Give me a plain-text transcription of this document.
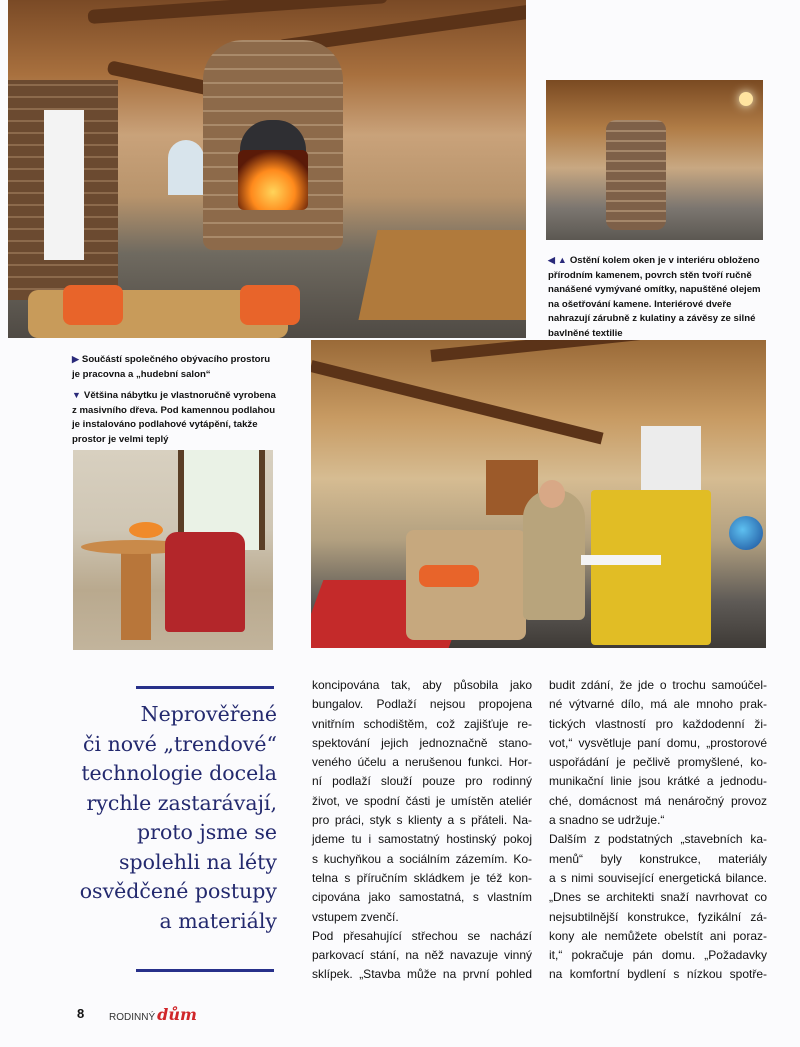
◀ ▲ Ostění kolem oken je v interiéru obloženo
přírodním kamenem, povrch stěn tvoří ručně
nanášené vymývané omítky, napuštěné olejem
na ošetřování kamene. Interiérové dveře
nahrazují zárubně z kulatiny a závěsy ze silné
bavlněné textilie
▶ Součástí společného obývacího prostoru
je pracovna a „hudební salon“
▼ Většina nábytku je vlastnoručně vyrobena
z masivního dřeva. Pod kamennou podlahou
je instalováno podlahové vytápění, takže
prostor je velmi teplý
Neprověřené
či nové „trendové“
technologie docela
rychle zastarávají,
proto jsme se
spolehli na léty
osvědčené postupy
a materiály
koncipována tak, aby působila jako
bungalov. Podlaží nejsou propojena
vnitřním schodištěm, což zajišťuje re-
spektování jejich jednoznačně stano-
veného účelu a nerušenou funkci. Hor-
ní podlaží slouží pouze pro rodinný
život, ve spodní části je umístěn ateliér
pro práci, styk s klienty a s přáteli. Na-
jdeme tu i samostatný hostinský pokoj
s kuchyňkou a sociálním zázemím. Ko-
telna s příručním skládkem je též kon-
cipována jako samostatná, s vlastním
vstupem zvenčí.
Pod přesahující střechou se nachází
parkovací stání, na něž navazuje vinný
sklípek. „Stavba může na první pohled
budit zdání, že jde o trochu samoúčel-
né výtvarné dílo, má ale mnoho prak-
tických vlastností pro každodenní ži-
vot,“ vysvětluje paní domu, „prostorové
uspořádání je pečlivě promyšlené, ko-
munikační linie jsou krátké a jednodu-
ché, domácnost má nenáročný provoz
a snadno se udržuje.“
Dalším z podstatných „stavebních ka-
menů“ byly konstrukce, materiály
a s nimi související energetická bilance.
„Dnes se architekti snaží navrhovat co
nejsubtilnější konstrukce, fyzikální zá-
kony ale nemůžete obelstít ani poraz-
it,“ pokračuje pán domu. „Požadavky
na komfortní bydlení s nízkou spotře-
8 RODINNÝ dům
